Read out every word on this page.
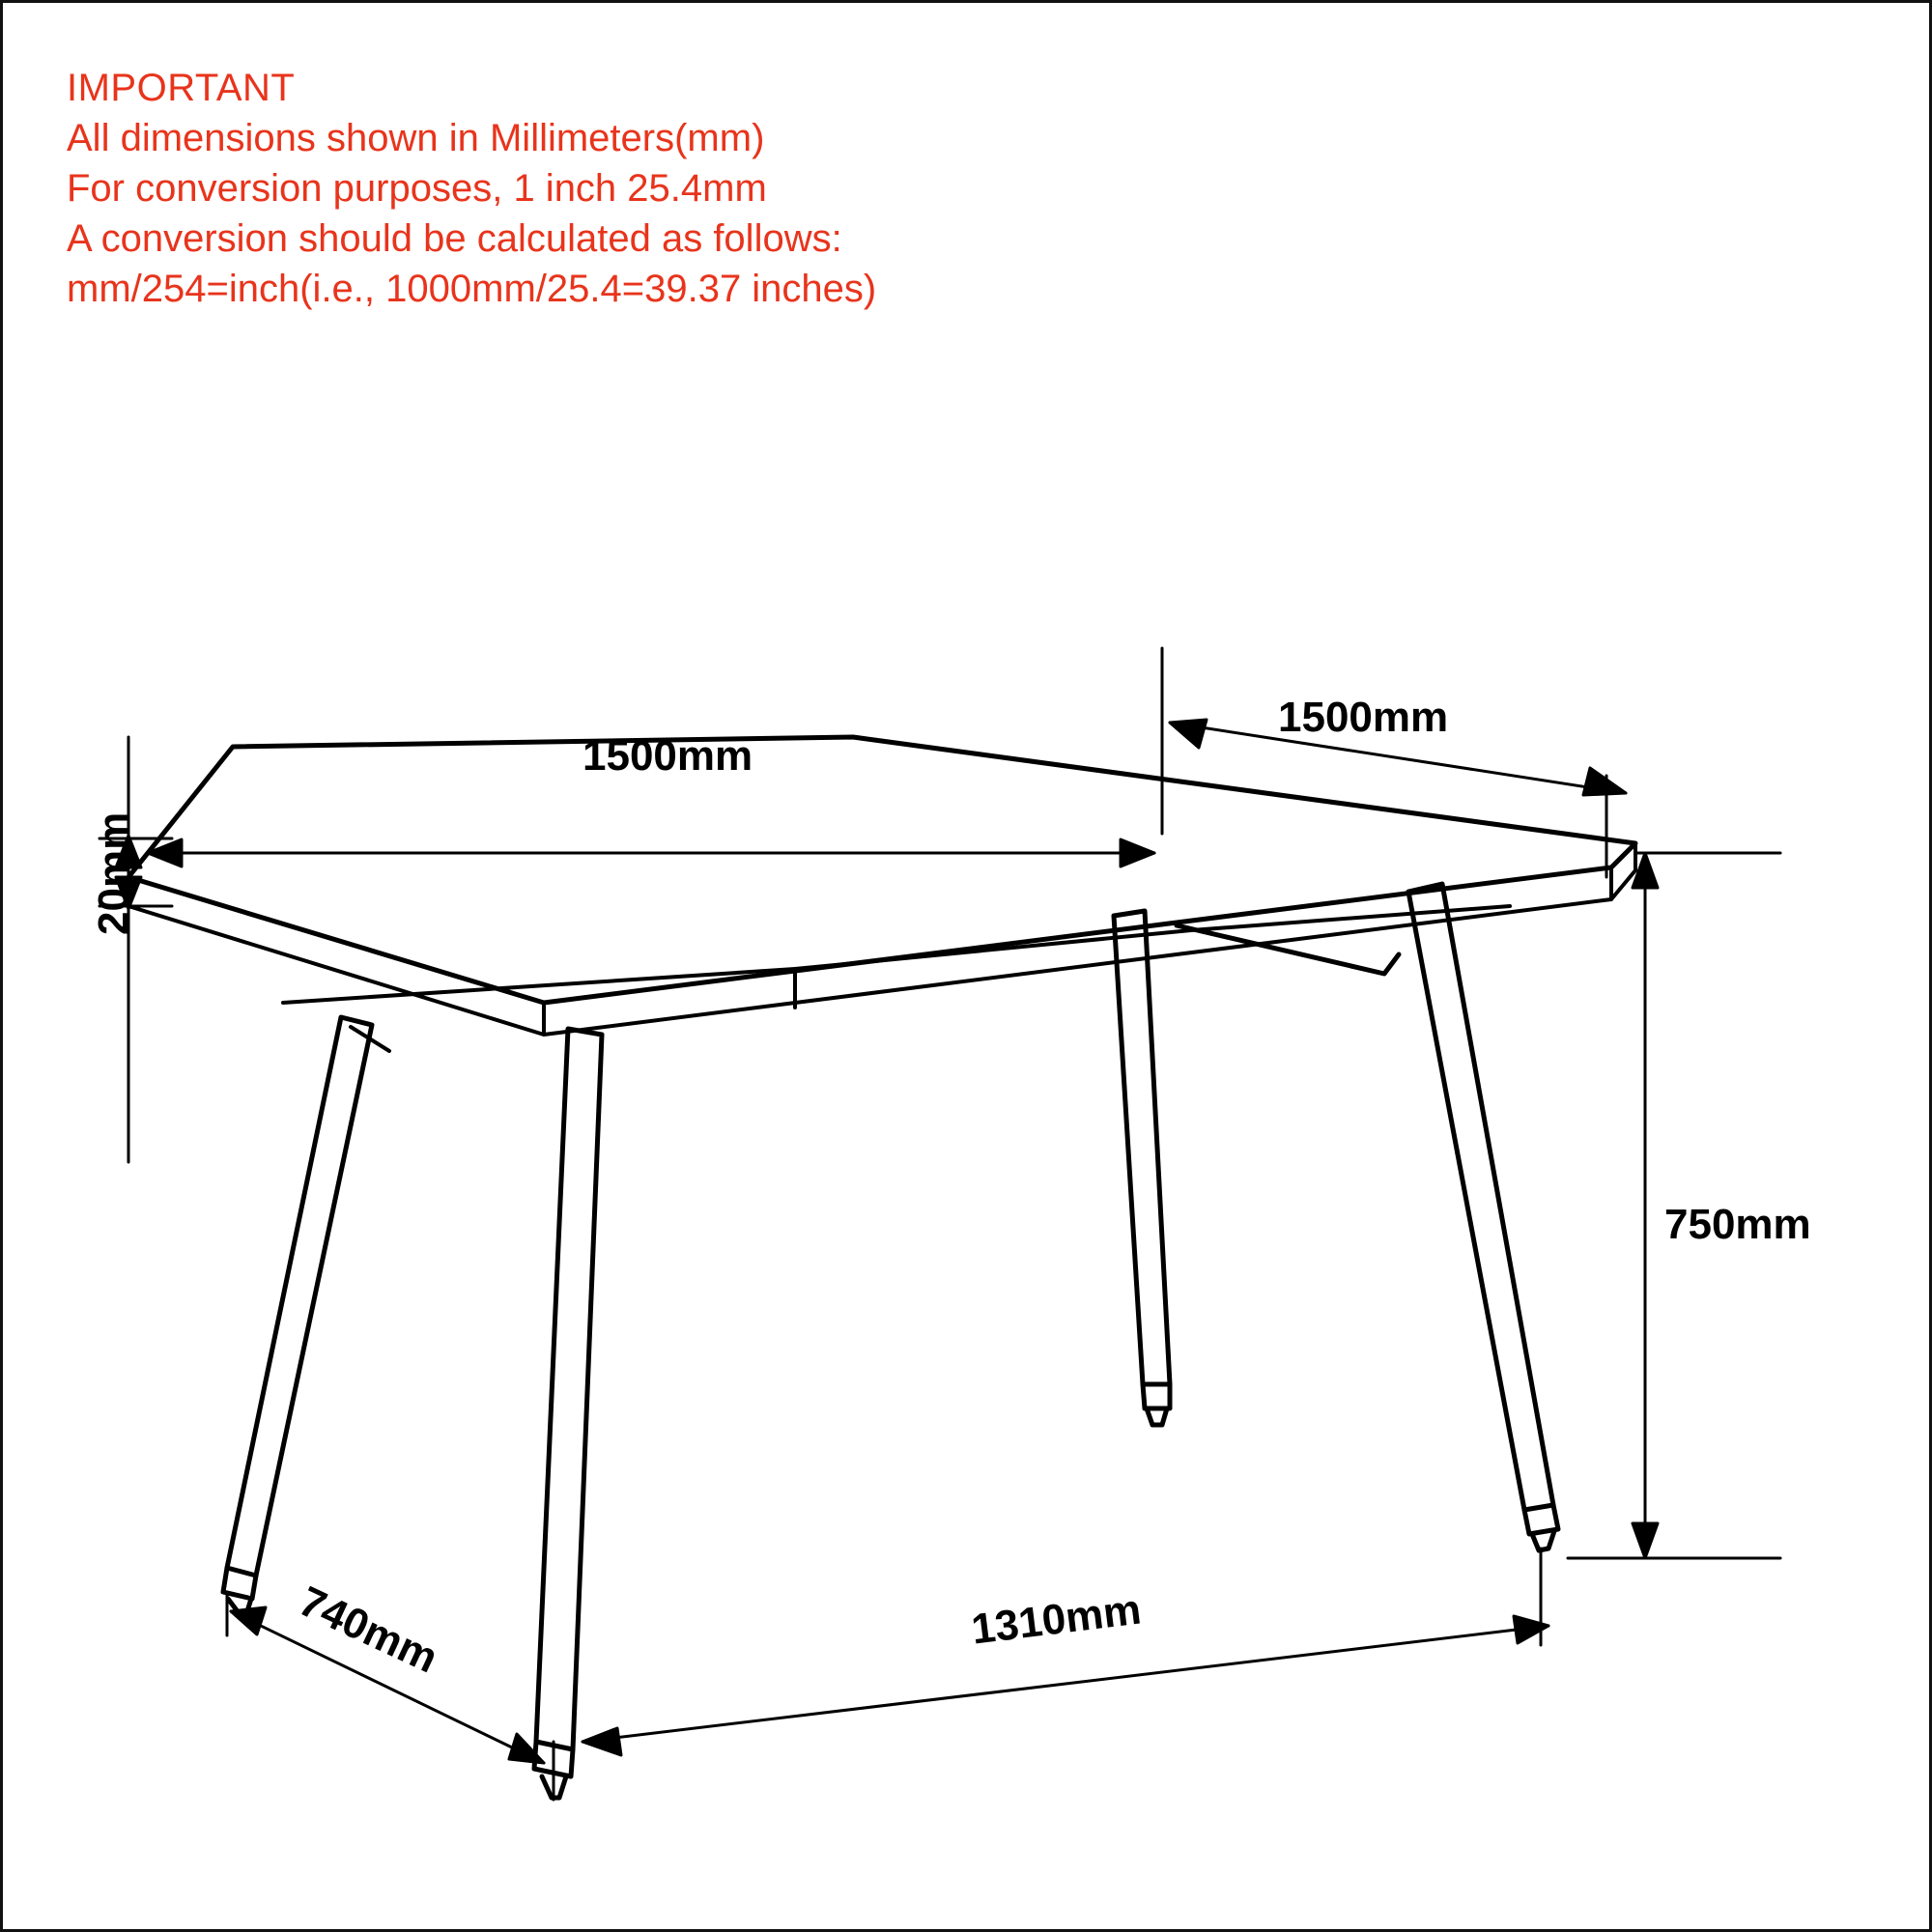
IMPORTANT
All dimensions shown in Millimeters(mm)
For conversion purposes, 1 inch 25.4mm
A conversion should be calculated as follows:
mm/254=inch(i.e., 1000mm/25.4=39.37 inches)
1500mm
1500mm
20mm
750mm
740mm	1310mm
